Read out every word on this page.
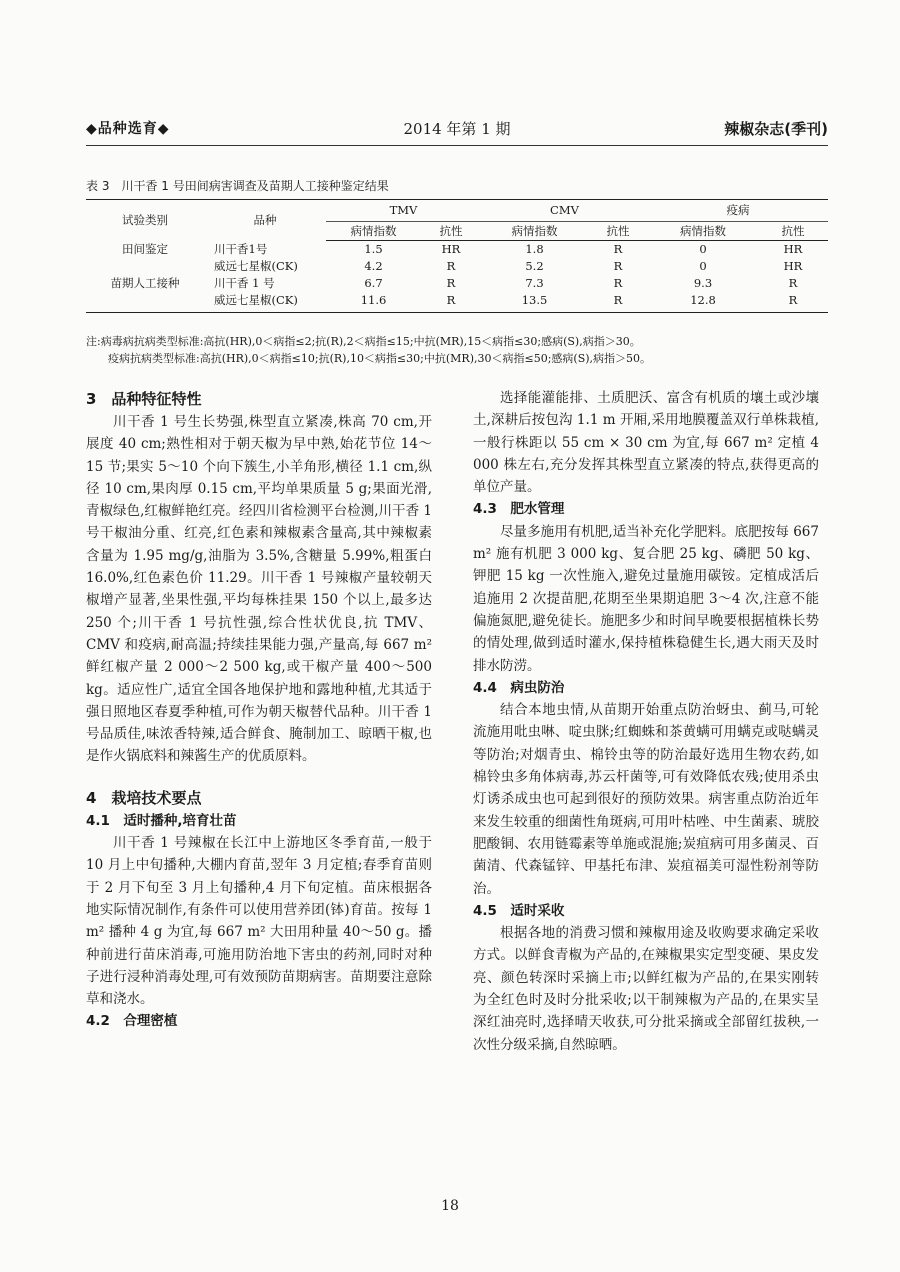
◆品种选育◆	2014 年第 1 期	辣椒杂志(季刊)
表 3　川干香 1 号田间病害调查及苗期人工接种鉴定结果
试验类别	品种	TMV		CMV		疫病	
		病情指数	抗性	病情指数	抗性	病情指数	抗性
田间鉴定	川干香1号	1.5	HR	1.8	R	0	HR
	威远七星椒(CK)	4.2	R	5.2	R	0	HR
苗期人工接种	川干香 1 号	6.7	R	7.3	R	9.3	R
	威远七星椒(CK)	11.6	R	13.5	R	12.8	R
注:病毒病抗病类型标准:高抗(HR),0＜病指≤2;抗(R),2＜病指≤15;中抗(MR),15＜病指≤30;感病(S),病指＞30。
疫病抗病类型标准:高抗(HR),0＜病指≤10;抗(R),10＜病指≤30;中抗(MR),30＜病指≤50;感病(S),病指＞50。
3　品种特征特性

川干香 1 号生长势强,株型直立紧凑,株高 70 cm,开展度 40 cm;熟性相对于朝天椒为早中熟,始花节位 14～15 节;果实 5～10 个向下簇生,小羊角形,横径 1.1 cm,纵径 10 cm,果肉厚 0.15 cm,平均单果质量 5 g;果面光滑,青椒绿色,红椒鲜艳红亮。经四川省检测平台检测,川干香 1 号干椒油分重、红亮,红色素和辣椒素含量高,其中辣椒素含量为 1.95 mg/g,油脂为 3.5%,含糖量 5.99%,粗蛋白 16.0%,红色素色价 11.29。川干香 1 号辣椒产量较朝天椒增产显著,坐果性强,平均每株挂果 150 个以上,最多达 250 个;川干香 1 号抗性强,综合性状优良,抗 TMV、CMV 和疫病,耐高温;持续挂果能力强,产量高,每 667 m² 鲜红椒产量 2 000～2 500 kg,或干椒产量 400～500 kg。适应性广,适宜全国各地保护地和露地种植,尤其适于强日照地区春夏季种植,可作为朝天椒替代品种。川干香 1 号品质佳,味浓香特辣,适合鲜食、腌制加工、晾晒干椒,也是作火锅底料和辣酱生产的优质原料。

4　栽培技术要点
4.1　适时播种,培育壮苗

川干香 1 号辣椒在长江中上游地区冬季育苗,一般于 10 月上中旬播种,大棚内育苗,翌年 3 月定植;春季育苗则于 2 月下旬至 3 月上旬播种,4 月下旬定植。苗床根据各地实际情况制作,有条件可以使用营养团(钵)育苗。按每 1 m² 播种 4 g 为宜,每 667 m² 大田用种量 40～50 g。播种前进行苗床消毒,可施用防治地下害虫的药剂,同时对种子进行浸种消毒处理,可有效预防苗期病害。苗期要注意除草和浇水。

4.2　合理密植

选择能灌能排、土质肥沃、富含有机质的壤土或沙壤土,深耕后按包沟 1.1 m 开厢,采用地膜覆盖双行单株栽植,一般行株距以 55 cm × 30 cm 为宜,每 667 m² 定植 4 000 株左右,充分发挥其株型直立紧凑的特点,获得更高的单位产量。

4.3　肥水管理

尽量多施用有机肥,适当补充化学肥料。底肥按每 667 m² 施有机肥 3 000 kg、复合肥 25 kg、磷肥 50 kg、钾肥 15 kg 一次性施入,避免过量施用碳铵。定植成活后追施用 2 次提苗肥,花期至坐果期追肥 3～4 次,注意不能偏施氮肥,避免徒长。施肥多少和时间早晚要根据植株长势的情处理,做到适时灌水,保持植株稳健生长,遇大雨天及时排水防涝。

4.4　病虫防治

结合本地虫情,从苗期开始重点防治蚜虫、蓟马,可轮流施用吡虫啉、啶虫脒;红蜘蛛和茶黄螨可用螨克或哒螨灵等防治;对烟青虫、棉铃虫等的防治最好选用生物农药,如棉铃虫多角体病毒,苏云杆菌等,可有效降低农残;使用杀虫灯诱杀成虫也可起到很好的预防效果。病害重点防治近年来发生较重的细菌性角斑病,可用叶枯唑、中生菌素、琥胶肥酸铜、农用链霉素等单施或混施;炭疽病可用多菌灵、百菌清、代森锰锌、甲基托布津、炭疽福美可湿性粉剂等防治。

4.5　适时采收

根据各地的消费习惯和辣椒用途及收购要求确定采收方式。以鲜食青椒为产品的,在辣椒果实定型变硬、果皮发亮、颜色转深时采摘上市;以鲜红椒为产品的,在果实刚转为全红色时及时分批采收;以干制辣椒为产品的,在果实呈深红油亮时,选择晴天收获,可分批采摘或全部留红拔秧,一次性分级采摘,自然晾晒。

18
